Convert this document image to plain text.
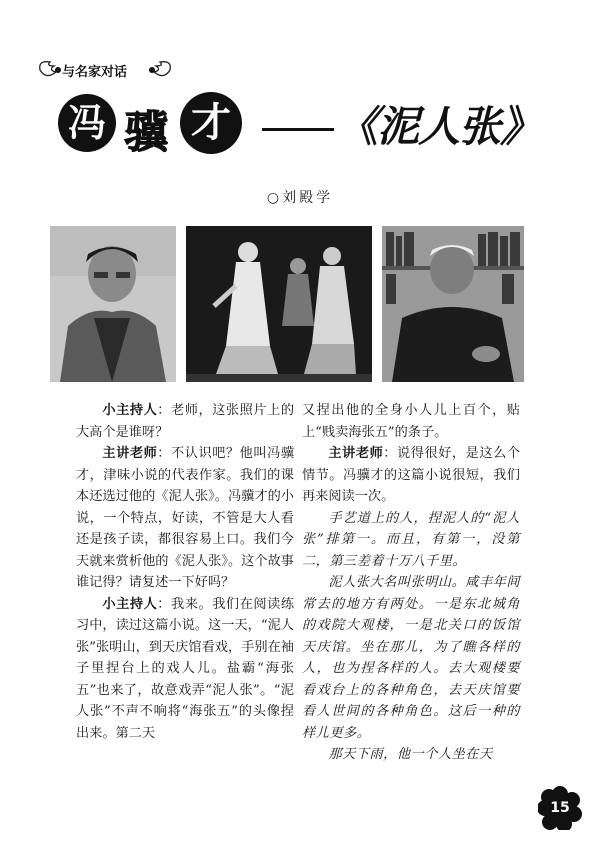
与名家对话
冯 骥 才	《泥人张》
○刘殿学

小主持人：老师，这张照片上的大高个是谁呀？

主讲老师：不认识吧？他叫冯骥才，津味小说的代表作家。我们的课本还选过他的《泥人张》。冯骥才的小说，一个特点，好读，不管是大人看还是孩子读，都很容易上口。我们今天就来赏析他的《泥人张》。这个故事谁记得？请复述一下好吗？

小主持人：我来。我们在阅读练习中，读过这篇小说。这一天，“泥人张”张明山，到天庆馆看戏，手别在袖子里捏台上的戏人儿。盐霸“海张五”也来了，故意戏弄“泥人张”。“泥人张”不声不响将“海张五”的头像捏出来。第二天

又捏出他的全身小人儿上百个，贴上“贱卖海张五”的条子。

主讲老师：说得很好，是这么个情节。冯骥才的这篇小说很短，我们再来阅读一次。

手艺道上的人，捏泥人的“泥人张”排第一。而且，有第一，没第二，第三差着十万八千里。

泥人张大名叫张明山。咸丰年间常去的地方有两处。一是东北城角的戏院大观楼，一是北关口的饭馆天庆馆。坐在那儿，为了瞧各样的人，也为捏各样的人。去大观楼要看戏台上的各种角色，去天庆馆要看人世间的各种角色。这后一种的样儿更多。

那天下雨，他一个人坐在天

15
